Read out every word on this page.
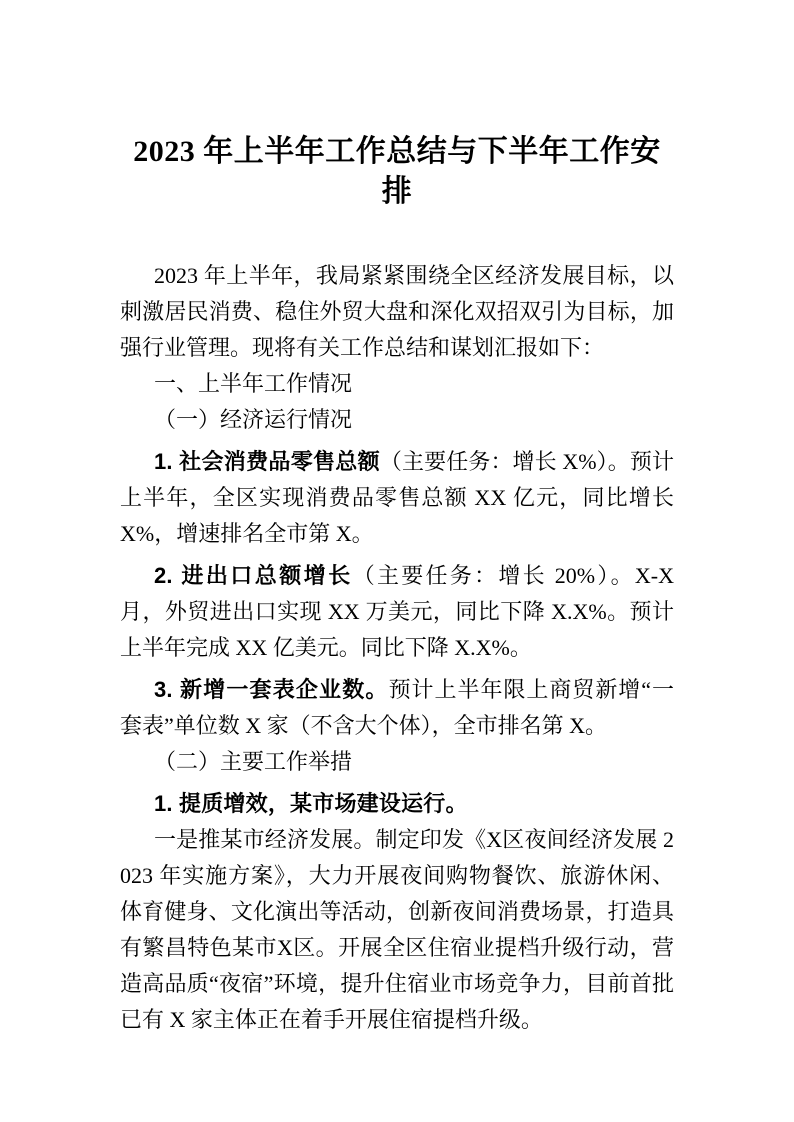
2023 年上半年工作总结与下半年工作安排

2023 年上半年，我局紧紧围绕全区经济发展目标，以刺激居民消费、稳住外贸大盘和深化双招双引为目标，加强行业管理。现将有关工作总结和谋划汇报如下：

一、上半年工作情况

（一）经济运行情况

1. 社会消费品零售总额（主要任务：增长 X%）。预计上半年，全区实现消费品零售总额 XX 亿元，同比增长 X%，增速排名全市第 X。

2. 进出口总额增长（主要任务：增长 20%）。X-X 月，外贸进出口实现 XX 万美元，同比下降 X.X%。预计上半年完成 XX 亿美元。同比下降 X.X%。

3. 新增一套表企业数。预计上半年限上商贸新增“一套表”单位数 X 家（不含大个体），全市排名第 X。

（二）主要工作举措

1. 提质增效，某市场建设运行。

一是推某市经济发展。制定印发《X区夜间经济发展 2023 年实施方案》，大力开展夜间购物餐饮、旅游休闲、体育健身、文化演出等活动，创新夜间消费场景，打造具有繁昌特色某市X区。开展全区住宿业提档升级行动，营造高品质“夜宿”环境，提升住宿业市场竞争力，目前首批已有 X 家主体正在着手开展住宿提档升级。
